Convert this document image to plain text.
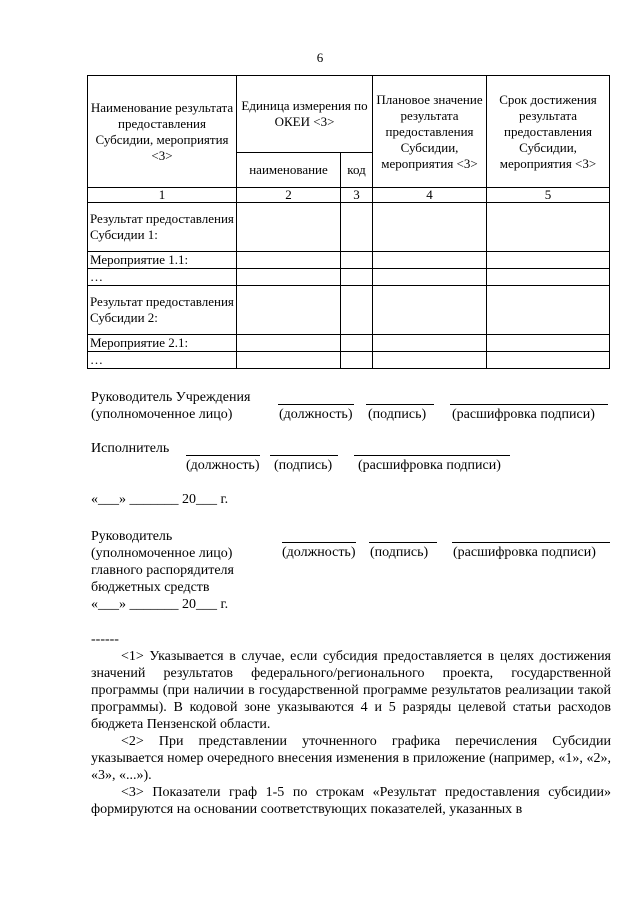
6
Наименование результата предоставления Субсидии, мероприятия <3>	Единица измерения по ОКЕИ <3>		Плановое значение результата предоставления Субсидии, мероприятия <3>	Срок достижения результата предоставления Субсидии, мероприятия <3>
	наименование	код		
1	2	3	4	5
Результат предоставления Субсидии 1:				
Мероприятие 1.1:				
…				
Результат предоставления Субсидии 2:				
Мероприятие 2.1:				
…				
Руководитель Учреждения
(уполномоченное лицо)	(должность) (подпись) (расшифровка подписи)
Исполнитель
(должность) (подпись) (расшифровка подписи)
«___» _______ 20___ г.
Руководитель
(уполномоченное лицо)
главного распорядителя
бюджетных средств
«___» _______ 20___ г.
(должность) (подпись) (расшифровка подписи)
------

<1> Указывается в случае, если субсидия предоставляется в целях достижения значений результатов федерального/регионального проекта, государственной программы (при наличии в государственной программе результатов реализации такой программы). В кодовой зоне указываются 4 и 5 разряды целевой статьи расходов бюджета Пензенской области.

<2> При представлении уточненного графика перечисления Субсидии указывается номер очередного внесения изменения в приложение (например, «1», «2», «3», «...»).

<3> Показатели граф 1-5 по строкам «Результат предоставления субсидии» формируются на основании соответствующих показателей, указанных в
